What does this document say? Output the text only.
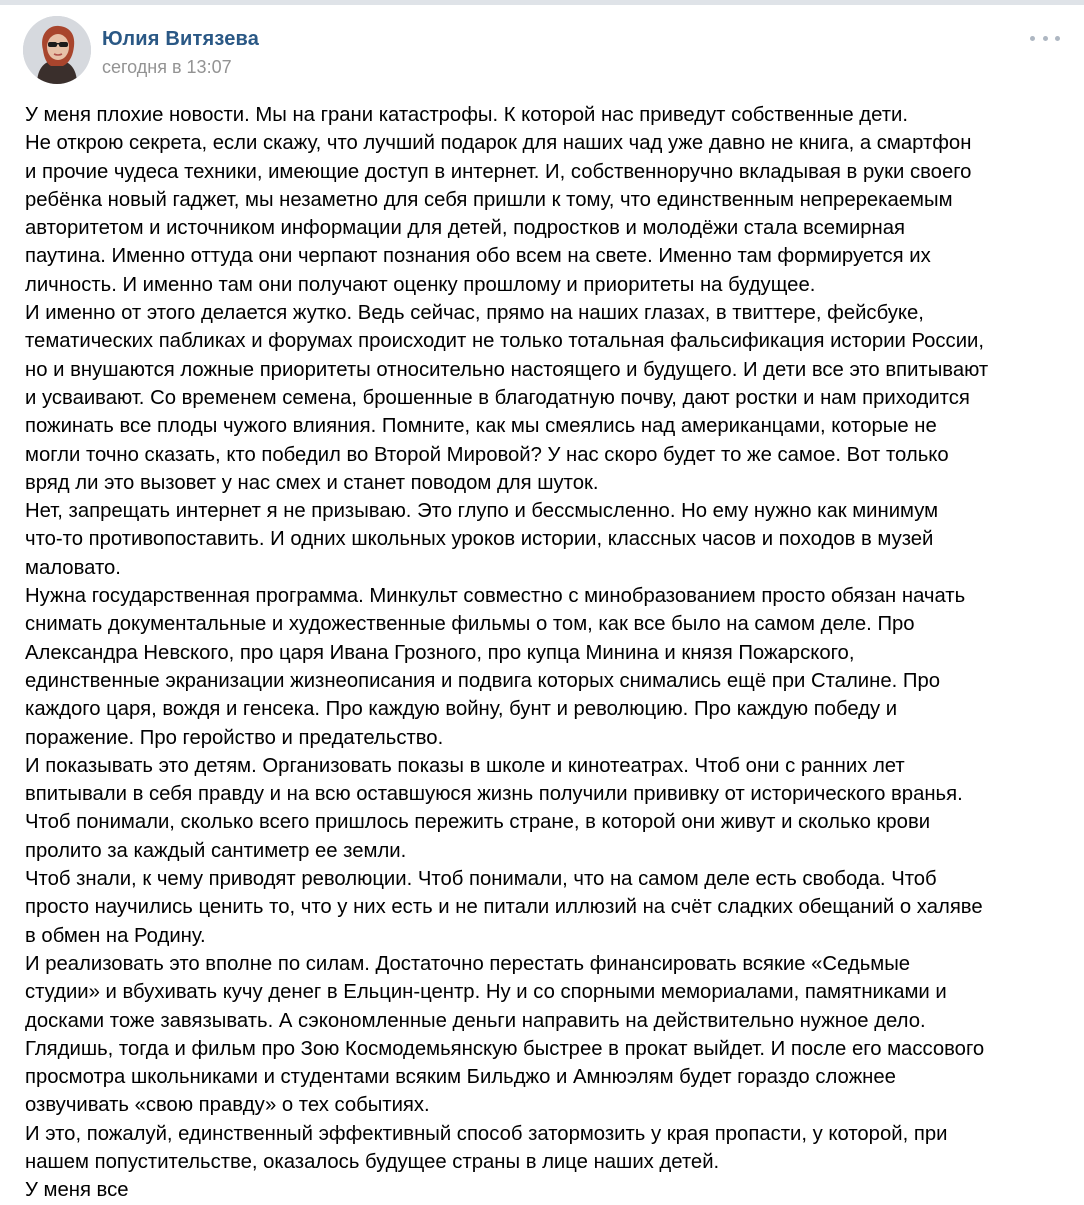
Юлия Витязева
сегодня в 13:07
У меня плохие новости. Мы на грани катастрофы. К которой нас приведут собственные дети.
Не открою секрета, если скажу, что лучший подарок для наших чад уже давно не книга, а смартфон
и прочие чудеса техники, имеющие доступ в интернет. И, собственноручно вкладывая в руки своего
ребёнка новый гаджет, мы незаметно для себя пришли к тому, что единственным непререкаемым
авторитетом и источником информации для детей, подростков и молодёжи стала всемирная
паутина. Именно оттуда они черпают познания обо всем на свете. Именно там формируется их
личность. И именно там они получают оценку прошлому и приоритеты на будущее.
И именно от этого делается жутко. Ведь сейчас, прямо на наших глазах, в твиттере, фейсбуке,
тематических пабликах и форумах происходит не только тотальная фальсификация истории России,
но и внушаются ложные приоритеты относительно настоящего и будущего. И дети все это впитывают
и усваивают. Со временем семена, брошенные в благодатную почву, дают ростки и нам приходится
пожинать все плоды чужого влияния. Помните, как мы смеялись над американцами, которые не
могли точно сказать, кто победил во Второй Мировой? У нас скоро будет то же самое. Вот только
вряд ли это вызовет у нас смех и станет поводом для шуток.
Нет, запрещать интернет я не призываю. Это глупо и бессмысленно. Но ему нужно как минимум
что-то противопоставить. И одних школьных уроков истории, классных часов и походов в музей
маловато.
Нужна государственная программа. Минкульт совместно с минобразованием просто обязан начать
снимать документальные и художественные фильмы о том, как все было на самом деле. Про
Александра Невского, про царя Ивана Грозного, про купца Минина и князя Пожарского,
единственные экранизации жизнеописания и подвига которых снимались ещё при Сталине. Про
каждого царя, вождя и генсека. Про каждую войну, бунт и революцию. Про каждую победу и
поражение. Про геройство и предательство.
И показывать это детям. Организовать показы в школе и кинотеатрах. Чтоб они с ранних лет
впитывали в себя правду и на всю оставшуюся жизнь получили прививку от исторического вранья.
Чтоб понимали, сколько всего пришлось пережить стране, в которой они живут и сколько крови
пролито за каждый сантиметр ее земли.
Чтоб знали, к чему приводят революции. Чтоб понимали, что на самом деле есть свобода. Чтоб
просто научились ценить то, что у них есть и не питали иллюзий на счёт сладких обещаний о халяве
в обмен на Родину.
И реализовать это вполне по силам. Достаточно перестать финансировать всякие «Седьмые
студии» и вбухивать кучу денег в Ельцин-центр. Ну и со спорными мемориалами, памятниками и
досками тоже завязывать. А сэкономленные деньги направить на действительно нужное дело.
Глядишь, тогда и фильм про Зою Космодемьянскую быстрее в прокат выйдет. И после его массового
просмотра школьниками и студентами всяким Бильджо и Амнюэлям будет гораздо сложнее
озвучивать «свою правду» о тех событиях.
И это, пожалуй, единственный эффективный способ затормозить у края пропасти, у которой, при
нашем попустительстве, оказалось будущее страны в лице наших детей.
У меня все
